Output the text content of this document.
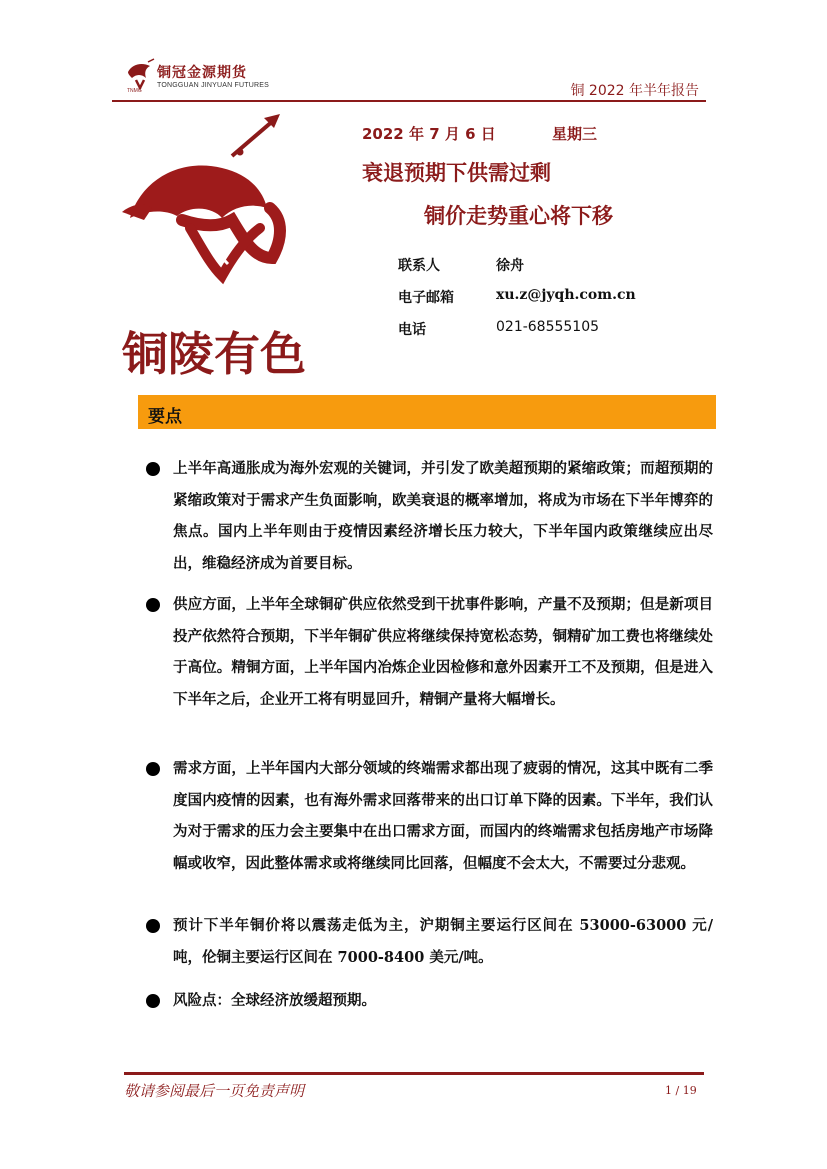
TNMG
铜冠金源期货
TONGGUAN JINYUAN FUTURES	铜 2022 年半年报告
铜陵有色
2022 年 7 月 6 日	星期三
衰退预期下供需过剩
铜价走势重心将下移
联系人	徐舟
电子邮箱	xu.z@jyqh.com.cn
电话	021-68555105
要点
上半年高通胀成为海外宏观的关键词，并引发了欧美超预期的紧缩政策；而超预期的紧缩政策对于需求产生负面影响，欧美衰退的概率增加，将成为市场在下半年博弈的焦点。国内上半年则由于疫情因素经济增长压力较大，下半年国内政策继续应出尽出，维稳经济成为首要目标。
供应方面，上半年全球铜矿供应依然受到干扰事件影响，产量不及预期；但是新项目投产依然符合预期，下半年铜矿供应将继续保持宽松态势，铜精矿加工费也将继续处于高位。精铜方面，上半年国内冶炼企业因检修和意外因素开工不及预期，但是进入下半年之后，企业开工将有明显回升，精铜产量将大幅增长。
需求方面，上半年国内大部分领域的终端需求都出现了疲弱的情况，这其中既有二季度国内疫情的因素，也有海外需求回落带来的出口订单下降的因素。下半年，我们认为对于需求的压力会主要集中在出口需求方面，而国内的终端需求包括房地产市场降幅或收窄，因此整体需求或将继续同比回落，但幅度不会太大，不需要过分悲观。
预计下半年铜价将以震荡走低为主，沪期铜主要运行区间在 53000-63000 元/吨，伦铜主要运行区间在 7000-8400 美元/吨。
风险点：全球经济放缓超预期。
敬请参阅最后一页免责声明	1 / 19
